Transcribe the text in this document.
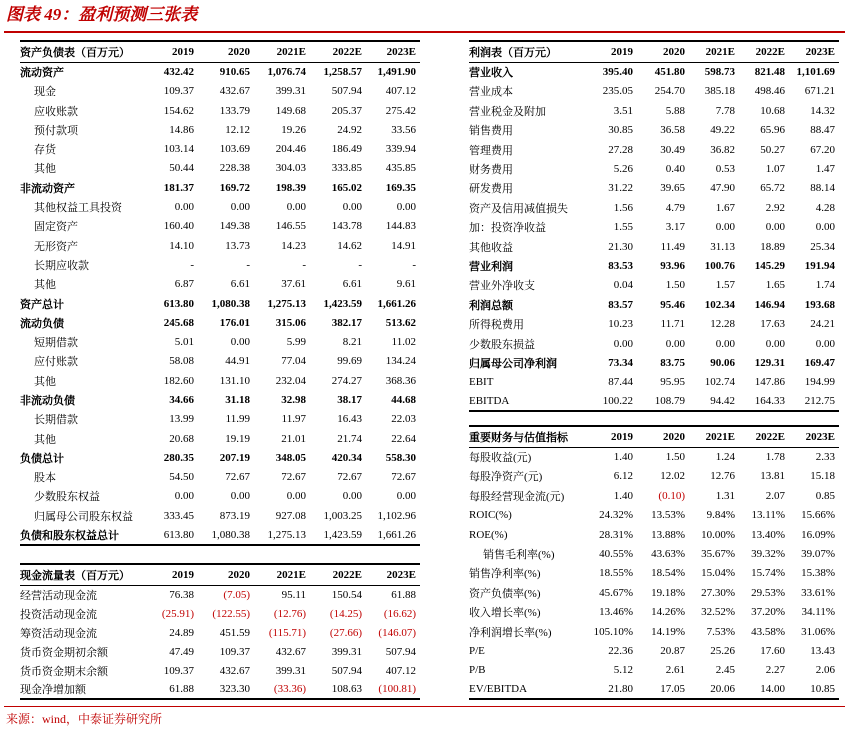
图表 49：盈利预测三张表
资产负债表（百万元）	2019	2020	2021E	2022E	2023E
流动资产	432.42	910.65	1,076.74	1,258.57	1,491.90
现金	109.37	432.67	399.31	507.94	407.12
应收账款	154.62	133.79	149.68	205.37	275.42
预付款项	14.86	12.12	19.26	24.92	33.56
存货	103.14	103.69	204.46	186.49	339.94
其他	50.44	228.38	304.03	333.85	435.85
非流动资产	181.37	169.72	198.39	165.02	169.35
其他权益工具投资	0.00	0.00	0.00	0.00	0.00
固定资产	160.40	149.38	146.55	143.78	144.83
无形资产	14.10	13.73	14.23	14.62	14.91
长期应收款	-	-	-	-	-
其他	6.87	6.61	37.61	6.61	9.61
资产总计	613.80	1,080.38	1,275.13	1,423.59	1,661.26
流动负债	245.68	176.01	315.06	382.17	513.62
短期借款	5.01	0.00	5.99	8.21	11.02
应付账款	58.08	44.91	77.04	99.69	134.24
其他	182.60	131.10	232.04	274.27	368.36
非流动负债	34.66	31.18	32.98	38.17	44.68
长期借款	13.99	11.99	11.97	16.43	22.03
其他	20.68	19.19	21.01	21.74	22.64
负债总计	280.35	207.19	348.05	420.34	558.30
股本	54.50	72.67	72.67	72.67	72.67
少数股东权益	0.00	0.00	0.00	0.00	0.00
归属母公司股东权益	333.45	873.19	927.08	1,003.25	1,102.96
负债和股东权益总计	613.80	1,080.38	1,275.13	1,423.59	1,661.26
现金流量表（百万元）	2019	2020	2021E	2022E	2023E
经营活动现金流	76.38	(7.05)	95.11	150.54	61.88
投资活动现金流	(25.91)	(122.55)	(12.76)	(14.25)	(16.62)
筹资活动现金流	24.89	451.59	(115.71)	(27.66)	(146.07)
货币资金期初余额	47.49	109.37	432.67	399.31	507.94
货币资金期末余额	109.37	432.67	399.31	507.94	407.12
现金净增加额	61.88	323.30	(33.36)	108.63	(100.81)
利润表（百万元）	2019	2020	2021E	2022E	2023E
营业收入	395.40	451.80	598.73	821.48	1,101.69
营业成本	235.05	254.70	385.18	498.46	671.21
营业税金及附加	3.51	5.88	7.78	10.68	14.32
销售费用	30.85	36.58	49.22	65.96	88.47
管理费用	27.28	30.49	36.82	50.27	67.20
财务费用	5.26	0.40	0.53	1.07	1.47
研发费用	31.22	39.65	47.90	65.72	88.14
资产及信用减值损失	1.56	4.79	1.67	2.92	4.28
加：投资净收益	1.55	3.17	0.00	0.00	0.00
其他收益	21.30	11.49	31.13	18.89	25.34
营业利润	83.53	93.96	100.76	145.29	191.94
营业外净收支	0.04	1.50	1.57	1.65	1.74
利润总额	83.57	95.46	102.34	146.94	193.68
所得税费用	10.23	11.71	12.28	17.63	24.21
少数股东损益	0.00	0.00	0.00	0.00	0.00
归属母公司净利润	73.34	83.75	90.06	129.31	169.47
EBIT	87.44	95.95	102.74	147.86	194.99
EBITDA	100.22	108.79	94.42	164.33	212.75
重要财务与估值指标	2019	2020	2021E	2022E	2023E
每股收益(元)	1.40	1.50	1.24	1.78	2.33
每股净资产(元)	6.12	12.02	12.76	13.81	15.18
每股经营现金流(元)	1.40	(0.10)	1.31	2.07	0.85
ROIC(%)	24.32%	13.53%	9.84%	13.11%	15.66%
ROE(%)	28.31%	13.88%	10.00%	13.40%	16.09%
销售毛利率(%)	40.55%	43.63%	35.67%	39.32%	39.07%
销售净利率(%)	18.55%	18.54%	15.04%	15.74%	15.38%
资产负债率(%)	45.67%	19.18%	27.30%	29.53%	33.61%
收入增长率(%)	13.46%	14.26%	32.52%	37.20%	34.11%
净利润增长率(%)	105.10%	14.19%	7.53%	43.58%	31.06%
P/E	22.36	20.87	25.26	17.60	13.43
P/B	5.12	2.61	2.45	2.27	2.06
EV/EBITDA	21.80	17.05	20.06	14.00	10.85
来源：wind，中泰证券研究所
